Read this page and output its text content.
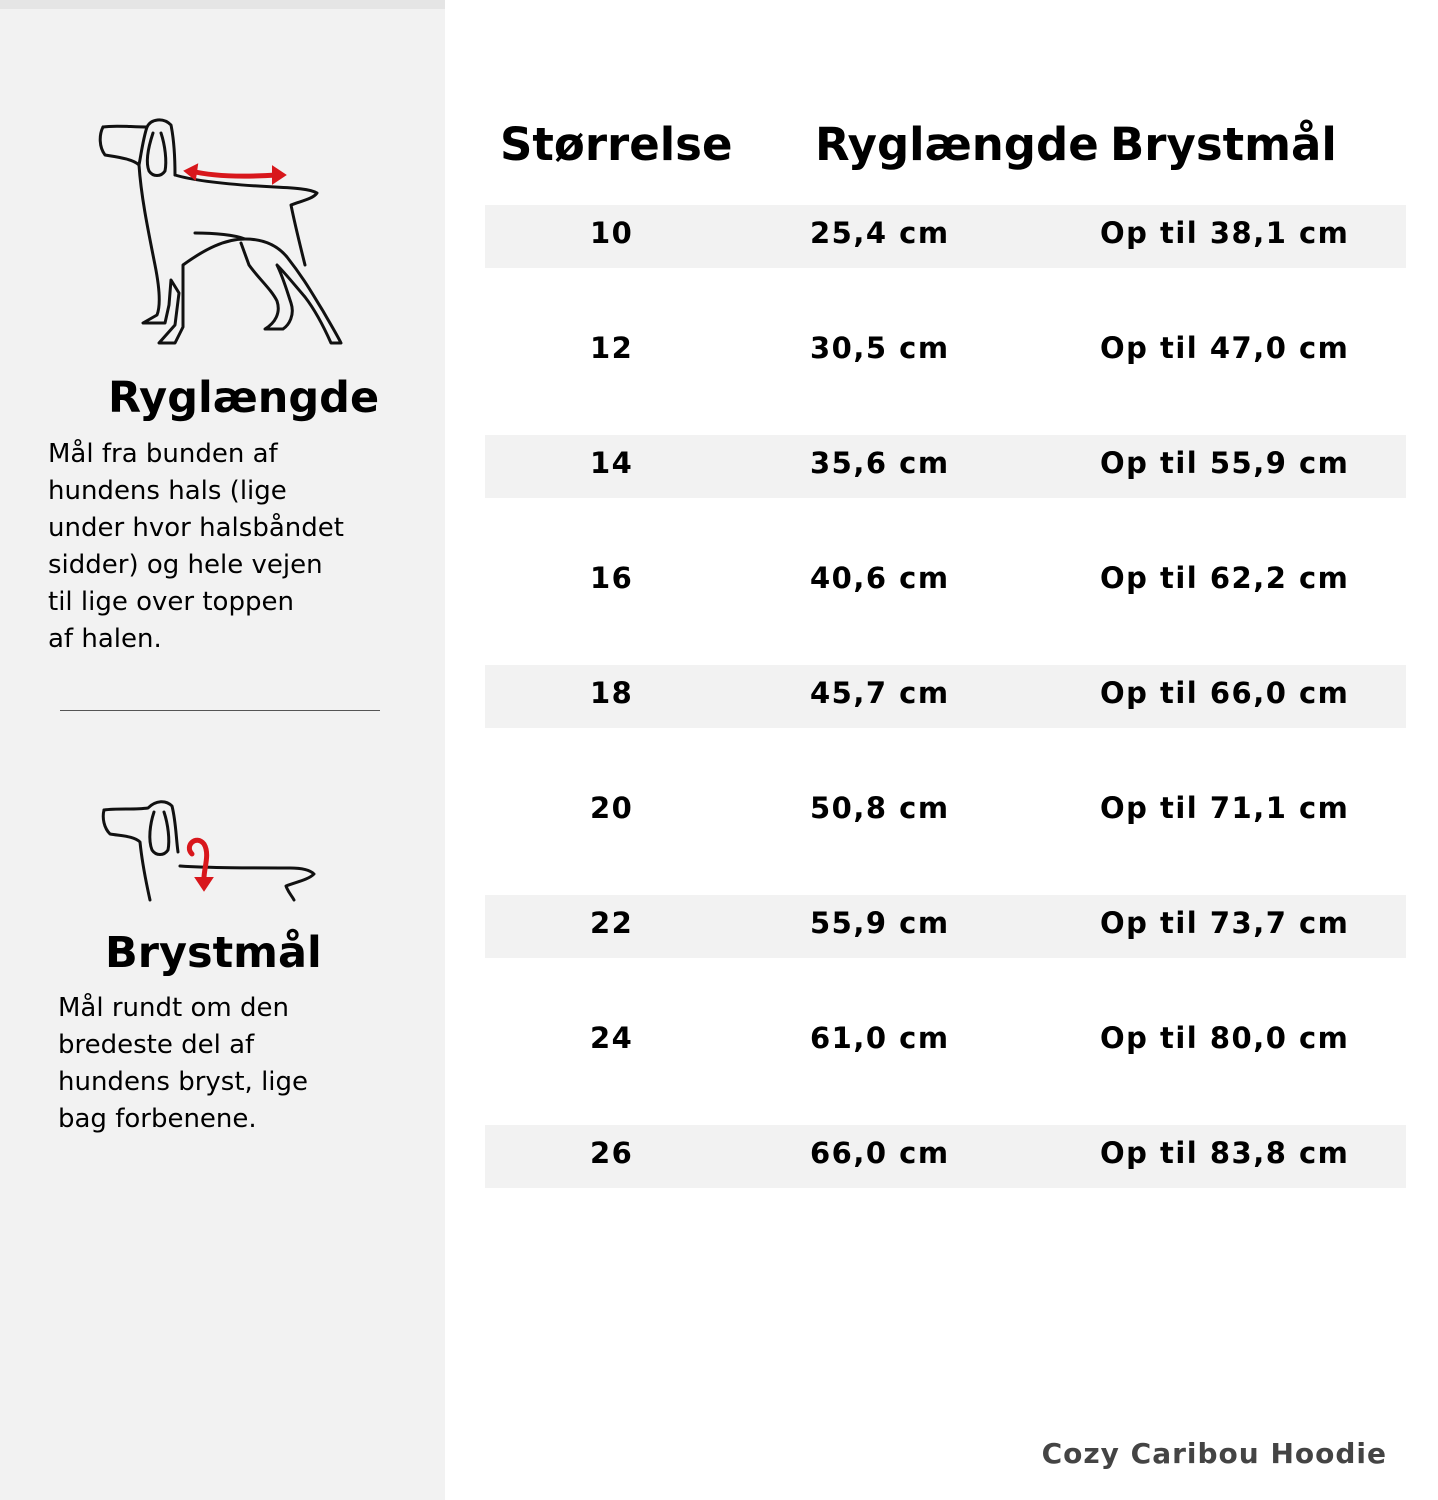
Ryglængde
Mål fra bunden af
hundens hals (lige
under hvor halsbåndet
sidder) og hele vejen
til lige over toppen
af halen.
Brystmål
Mål rundt om den
bredeste del af
hundens bryst, lige
bag forbenene.
Størrelse Ryglængde Brystmål
10	25,4 cm	Op til 38,1 cm
12	30,5 cm	Op til 47,0 cm
14	35,6 cm	Op til 55,9 cm
16	40,6 cm	Op til 62,2 cm
18	45,7 cm	Op til 66,0 cm
20	50,8 cm	Op til 71,1 cm
22	55,9 cm	Op til 73,7 cm
24	61,0 cm	Op til 80,0 cm
26	66,0 cm	Op til 83,8 cm
Cozy Caribou Hoodie
